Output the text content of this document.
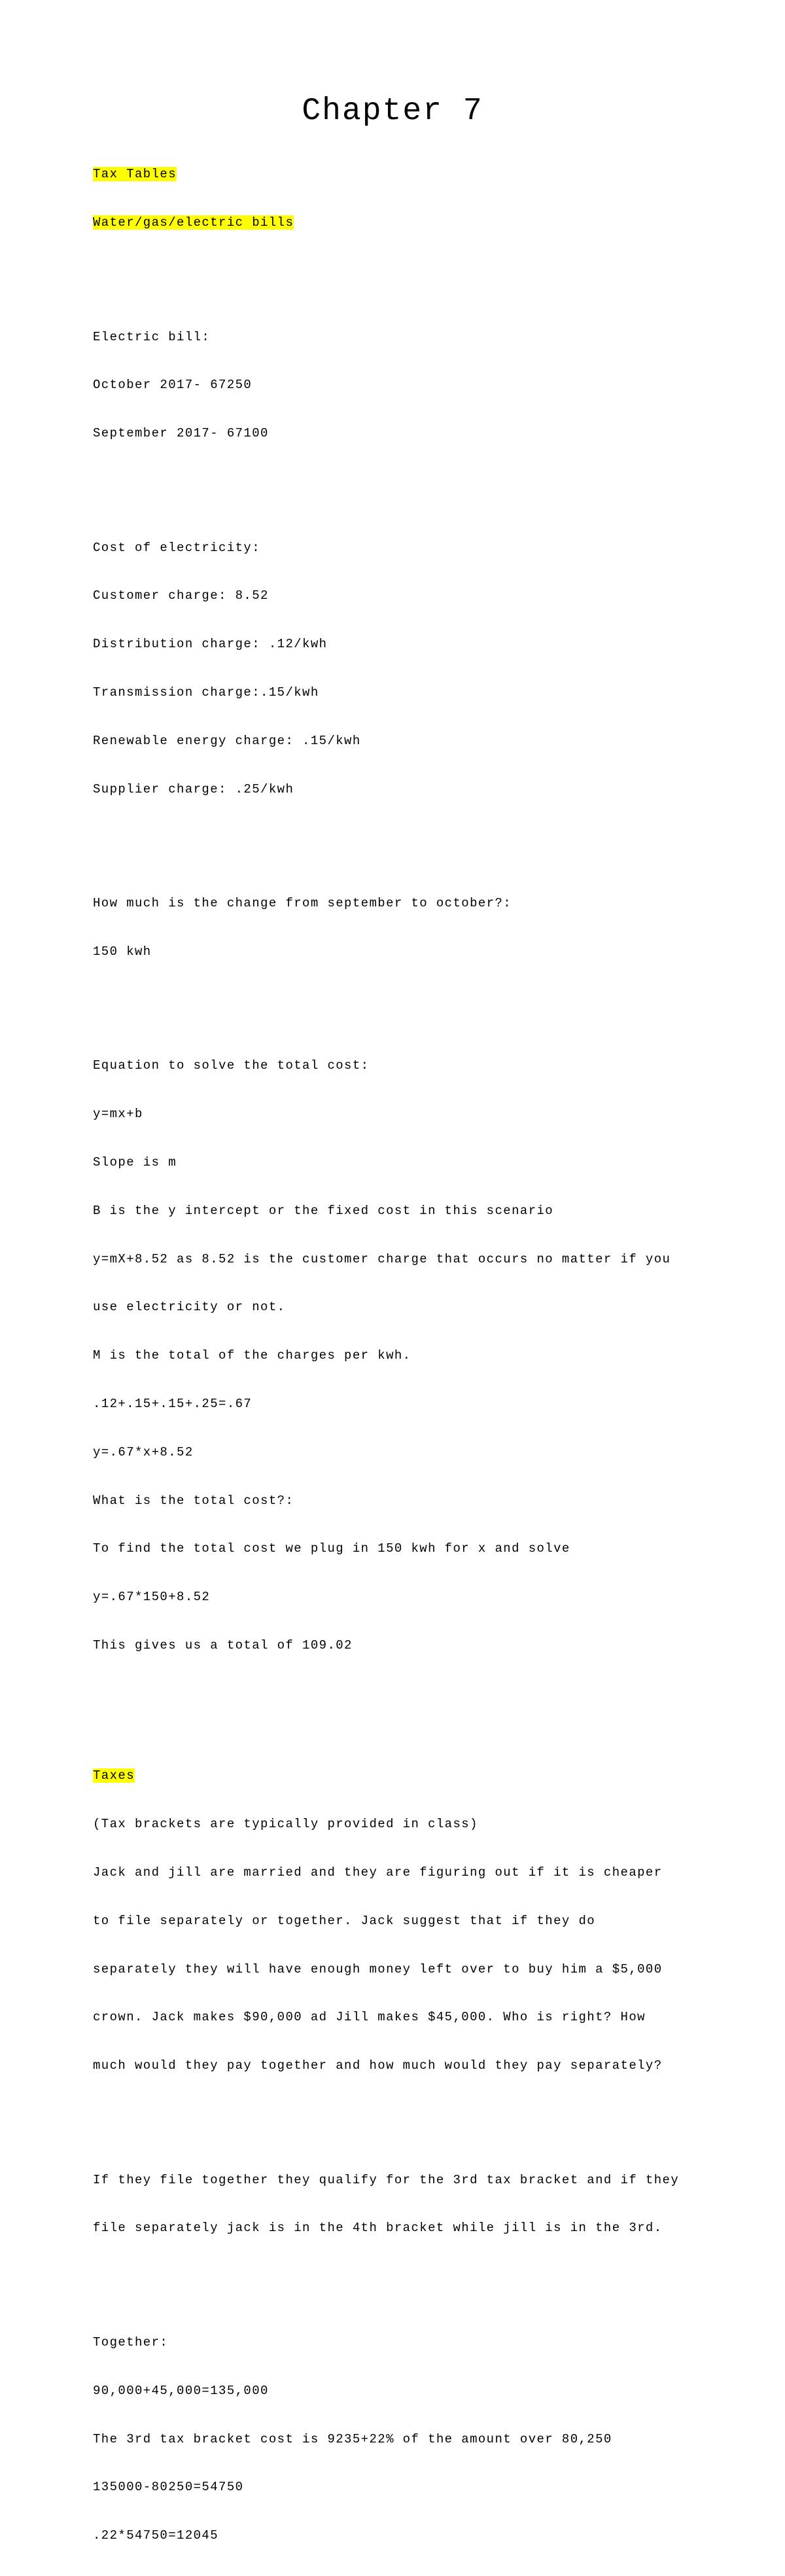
Chapter 7

Tax Tables

Water/gas/electric bills

Electric bill:

October 2017- 67250

September 2017- 67100

Cost of electricity:

Customer charge: 8.52

Distribution charge: .12/kwh

Transmission charge:.15/kwh

Renewable energy charge: .15/kwh

Supplier charge: .25/kwh

How much is the change from september to october?:

150 kwh

Equation to solve the total cost:

y=mx+b

Slope is m

B is the y intercept or the fixed cost in this scenario

y=mX+8.52 as 8.52 is the customer charge that occurs no matter if you

use electricity or not.

M is the total of the charges per kwh.

.12+.15+.15+.25=.67

y=.67*x+8.52

What is the total cost?:

To find the total cost we plug in 150 kwh for x and solve

y=.67*150+8.52

This gives us a total of 109.02

Taxes

(Tax brackets are typically provided in class)

Jack and jill are married and they are figuring out if it is cheaper

to file separately or together. Jack suggest that if they do

separately they will have enough money left over to buy him a $5,000

crown. Jack makes $90,000 ad Jill makes $45,000. Who is right? How

much would they pay together and how much would they pay separately?

If they file together they qualify for the 3rd tax bracket and if they

file separately jack is in the 4th bracket while jill is in the 3rd.

Together:

90,000+45,000=135,000

The 3rd tax bracket cost is 9235+22% of the amount over 80,250

135000-80250=54750

.22*54750=12045
